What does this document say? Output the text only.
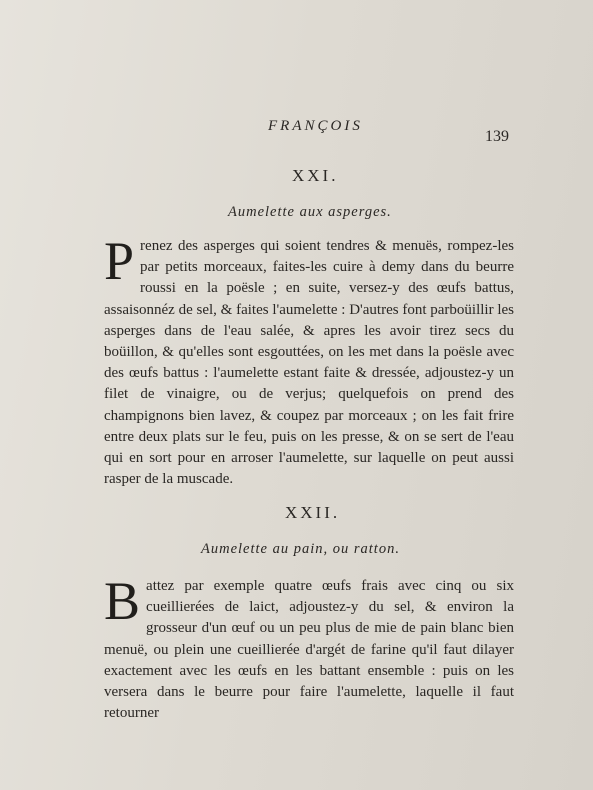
FRANÇOIS
139
XXI.
Aumelette aux asperges.
Prenez des asperges qui soient tendres & menuës, rompez-les par petits morceaux, faites-les cuire à demy dans du beurre roussi en la poësle ; en suite, versez-y des œufs battus, assaisonnéz de sel, & faites l'aumelette : D'autres font parboüillir les asperges dans de l'eau salée, & apres les avoir tirez secs du boüillon, & qu'elles sont esgouttées, on les met dans la poësle avec des œufs battus : l'aumelette estant faite & dressée, adjoustez-y un filet de vinaigre, ou de verjus; quelquefois on prend des champignons bien lavez, & coupez par morceaux ; on les fait frire entre deux plats sur le feu, puis on les presse, & on se sert de l'eau qui en sort pour en arroser l'aumelette, sur laquelle on peut aussi rasper de la muscade.
XXII.
Aumelette au pain, ou ratton.
Battez par exemple quatre œufs frais avec cinq ou six cueillierées de laict, adjoustez-y du sel, & environ la grosseur d'un œuf ou un peu plus de mie de pain blanc bien menuë, ou plein une cueillierée d'argét de farine qu'il faut dilayer exactement avec les œufs en les battant ensemble : puis on les versera dans le beurre pour faire l'aumelette, laquelle il faut retourner
